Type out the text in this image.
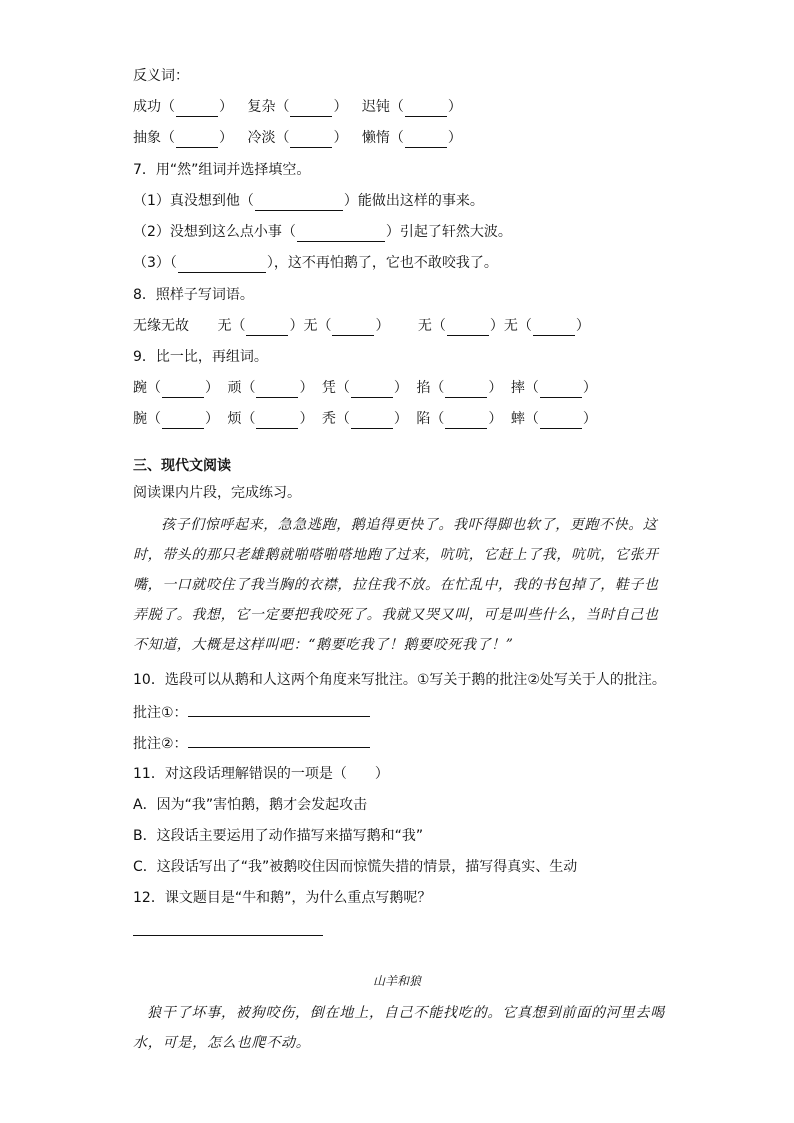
反义词：
成功（	） 复杂（	） 迟钝（	）
抽象（	） 冷淡（	） 懒惰（	）
7．用“然”组词并选择填空。
（1）真没想到他（	）能做出这样的事来。
（2）没想到这么点小事（	）引起了轩然大波。
（3）（	），这不再怕鹅了，它也不敢咬我了。
8．照样子写词语。
无缘无故 无（	）无（	） 无（	）无（	）
9．比一比，再组词。
踠（	） 顽（	） 凭（	） 掐（	） 摔（	）
腕（	） 烦（	） 秃（	） 陷（	） 蟀（	）
三、现代文阅读
阅读课内片段，完成练习。
孩子们惊呼起来，急急逃跑，鹅追得更快了。我吓得脚也软了，更跑不快。这时，带头的那只老雄鹅就啪嗒啪嗒地跑了过来，吭吭，它赶上了我，吭吭，它张开嘴，一口就咬住了我当胸的衣襟，拉住我不放。在忙乱中，我的书包掉了，鞋子也弄脱了。我想，它一定要把我咬死了。我就又哭又叫，可是叫些什么，当时自己也不知道，大概是这样叫吧：“鹅要吃我了！鹅要咬死我了！”
10．选段可以从鹅和人这两个角度来写批注。①写关于鹅的批注②处写关于人的批注。
批注①：
批注②：
11．对这段话理解错误的一项是（　　）
A．因为“我”害怕鹅，鹅才会发起攻击
B．这段话主要运用了动作描写来描写鹅和“我”
C．这段话写出了“我”被鹅咬住因而惊慌失措的情景，描写得真实、生动
12．课文题目是“牛和鹅”，为什么重点写鹅呢？
山羊和狼
狼干了坏事，被狗咬伤，倒在地上，自己不能找吃的。它真想到前面的河里去喝水，可是，怎么也爬不动。
